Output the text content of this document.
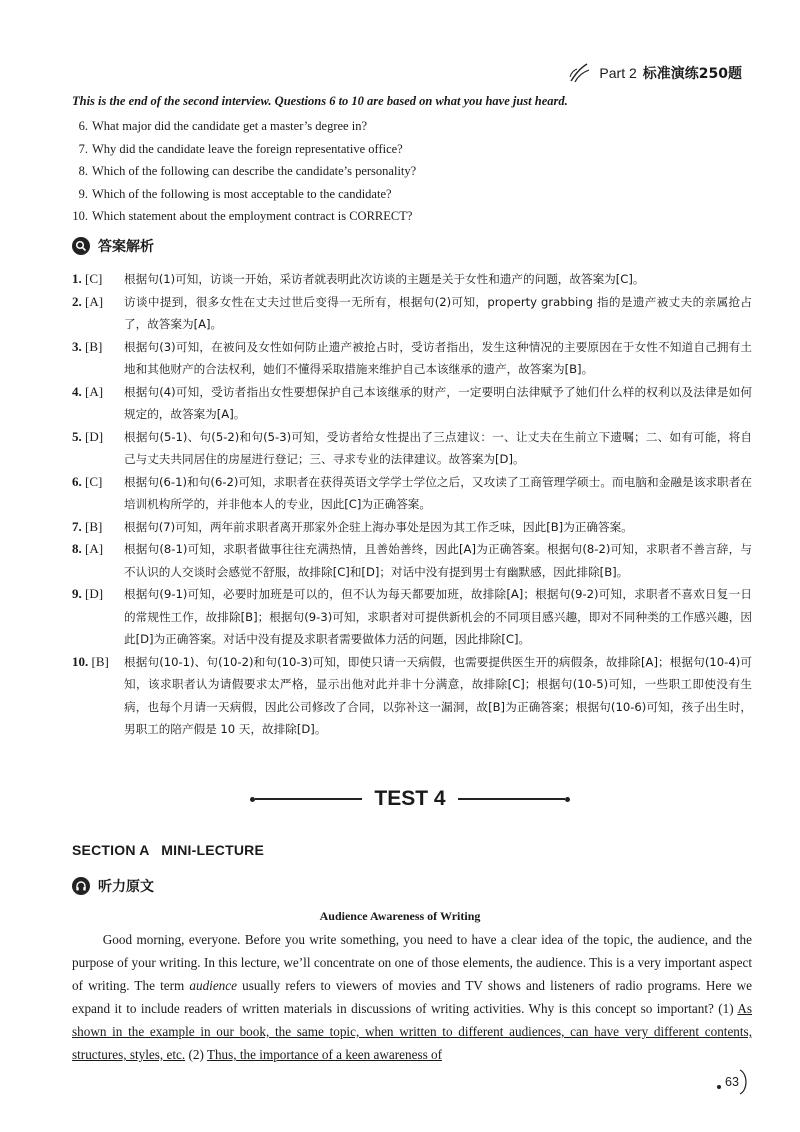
Part 2 标准演练250题
This is the end of the second interview. Questions 6 to 10 are based on what you have just heard.
6. What major did the candidate get a master’s degree in?
7. Why did the candidate leave the foreign representative office?
8. Which of the following can describe the candidate’s personality?
9. Which of the following is most acceptable to the candidate?
10. Which statement about the employment contract is CORRECT?
答案解析
1. [C]	根据句(1)可知，访谈一开始，采访者就表明此次访谈的主题是关于女性和遗产的问题，故答案为[C]。
2. [A]	访谈中提到，很多女性在丈夫过世后变得一无所有，根据句(2)可知，property grabbing 指的是遗产被丈夫的亲属抢占了，故答案为[A]。
3. [B]	根据句(3)可知，在被问及女性如何防止遗产被抢占时，受访者指出，发生这种情况的主要原因在于女性不知道自己拥有土地和其他财产的合法权利，她们不懂得采取措施来维护自己本该继承的遗产，故答案为[B]。
4. [A]	根据句(4)可知，受访者指出女性要想保护自己本该继承的财产，一定要明白法律赋予了她们什么样的权利以及法律是如何规定的，故答案为[A]。
5. [D]	根据句(5-1)、句(5-2)和句(5-3)可知，受访者给女性提出了三点建议：一、让丈夫在生前立下遗嘱；二、如有可能，将自己与丈夫共同居住的房屋进行登记；三、寻求专业的法律建议。故答案为[D]。
6. [C]	根据句(6-1)和句(6-2)可知，求职者在获得英语文学学士学位之后，又攻读了工商管理学硕士。而电脑和金融是该求职者在培训机构所学的，并非他本人的专业，因此[C]为正确答案。
7. [B]	根据句(7)可知，两年前求职者离开那家外企驻上海办事处是因为其工作乏味，因此[B]为正确答案。
8. [A]	根据句(8-1)可知，求职者做事往往充满热情，且善始善终，因此[A]为正确答案。根据句(8-2)可知，求职者不善言辞，与不认识的人交谈时会感觉不舒服，故排除[C]和[D]；对话中没有提到男士有幽默感，因此排除[B]。
9. [D]	根据句(9-1)可知，必要时加班是可以的，但不认为每天都要加班，故排除[A]；根据句(9-2)可知，求职者不喜欢日复一日的常规性工作，故排除[B]；根据句(9-3)可知，求职者对可提供新机会的不同项目感兴趣，即对不同种类的工作感兴趣，因此[D]为正确答案。对话中没有提及求职者需要做体力活的问题，因此排除[C]。
10. [B]	根据句(10-1)、句(10-2)和句(10-3)可知，即使只请一天病假，也需要提供医生开的病假条，故排除[A]；根据句(10-4)可知，该求职者认为请假要求太严格，显示出他对此并非十分满意，故排除[C]；根据句(10-5)可知，一些职工即使没有生病，也每个月请一天病假，因此公司修改了合同，以弥补这一漏洞，故[B]为正确答案；根据句(10-6)可知，孩子出生时，男职工的陪产假是 10 天，故排除[D]。
TEST 4
SECTION A   MINI-LECTURE
听力原文
Audience Awareness of Writing
Good morning, everyone. Before you write something, you need to have a clear idea of the topic, the audience, and the purpose of your writing. In this lecture, we’ll concentrate on one of those elements, the audience. This is a very important aspect of writing. The term audience usually refers to viewers of movies and TV shows and listeners of radio programs. Here we expand it to include readers of written materials in discussions of writing activities. Why is this concept so important? (1) As shown in the example in our book, the same topic, when written to different audiences, can have very different contents, structures, styles, etc. (2) Thus, the importance of a keen awareness of
63
